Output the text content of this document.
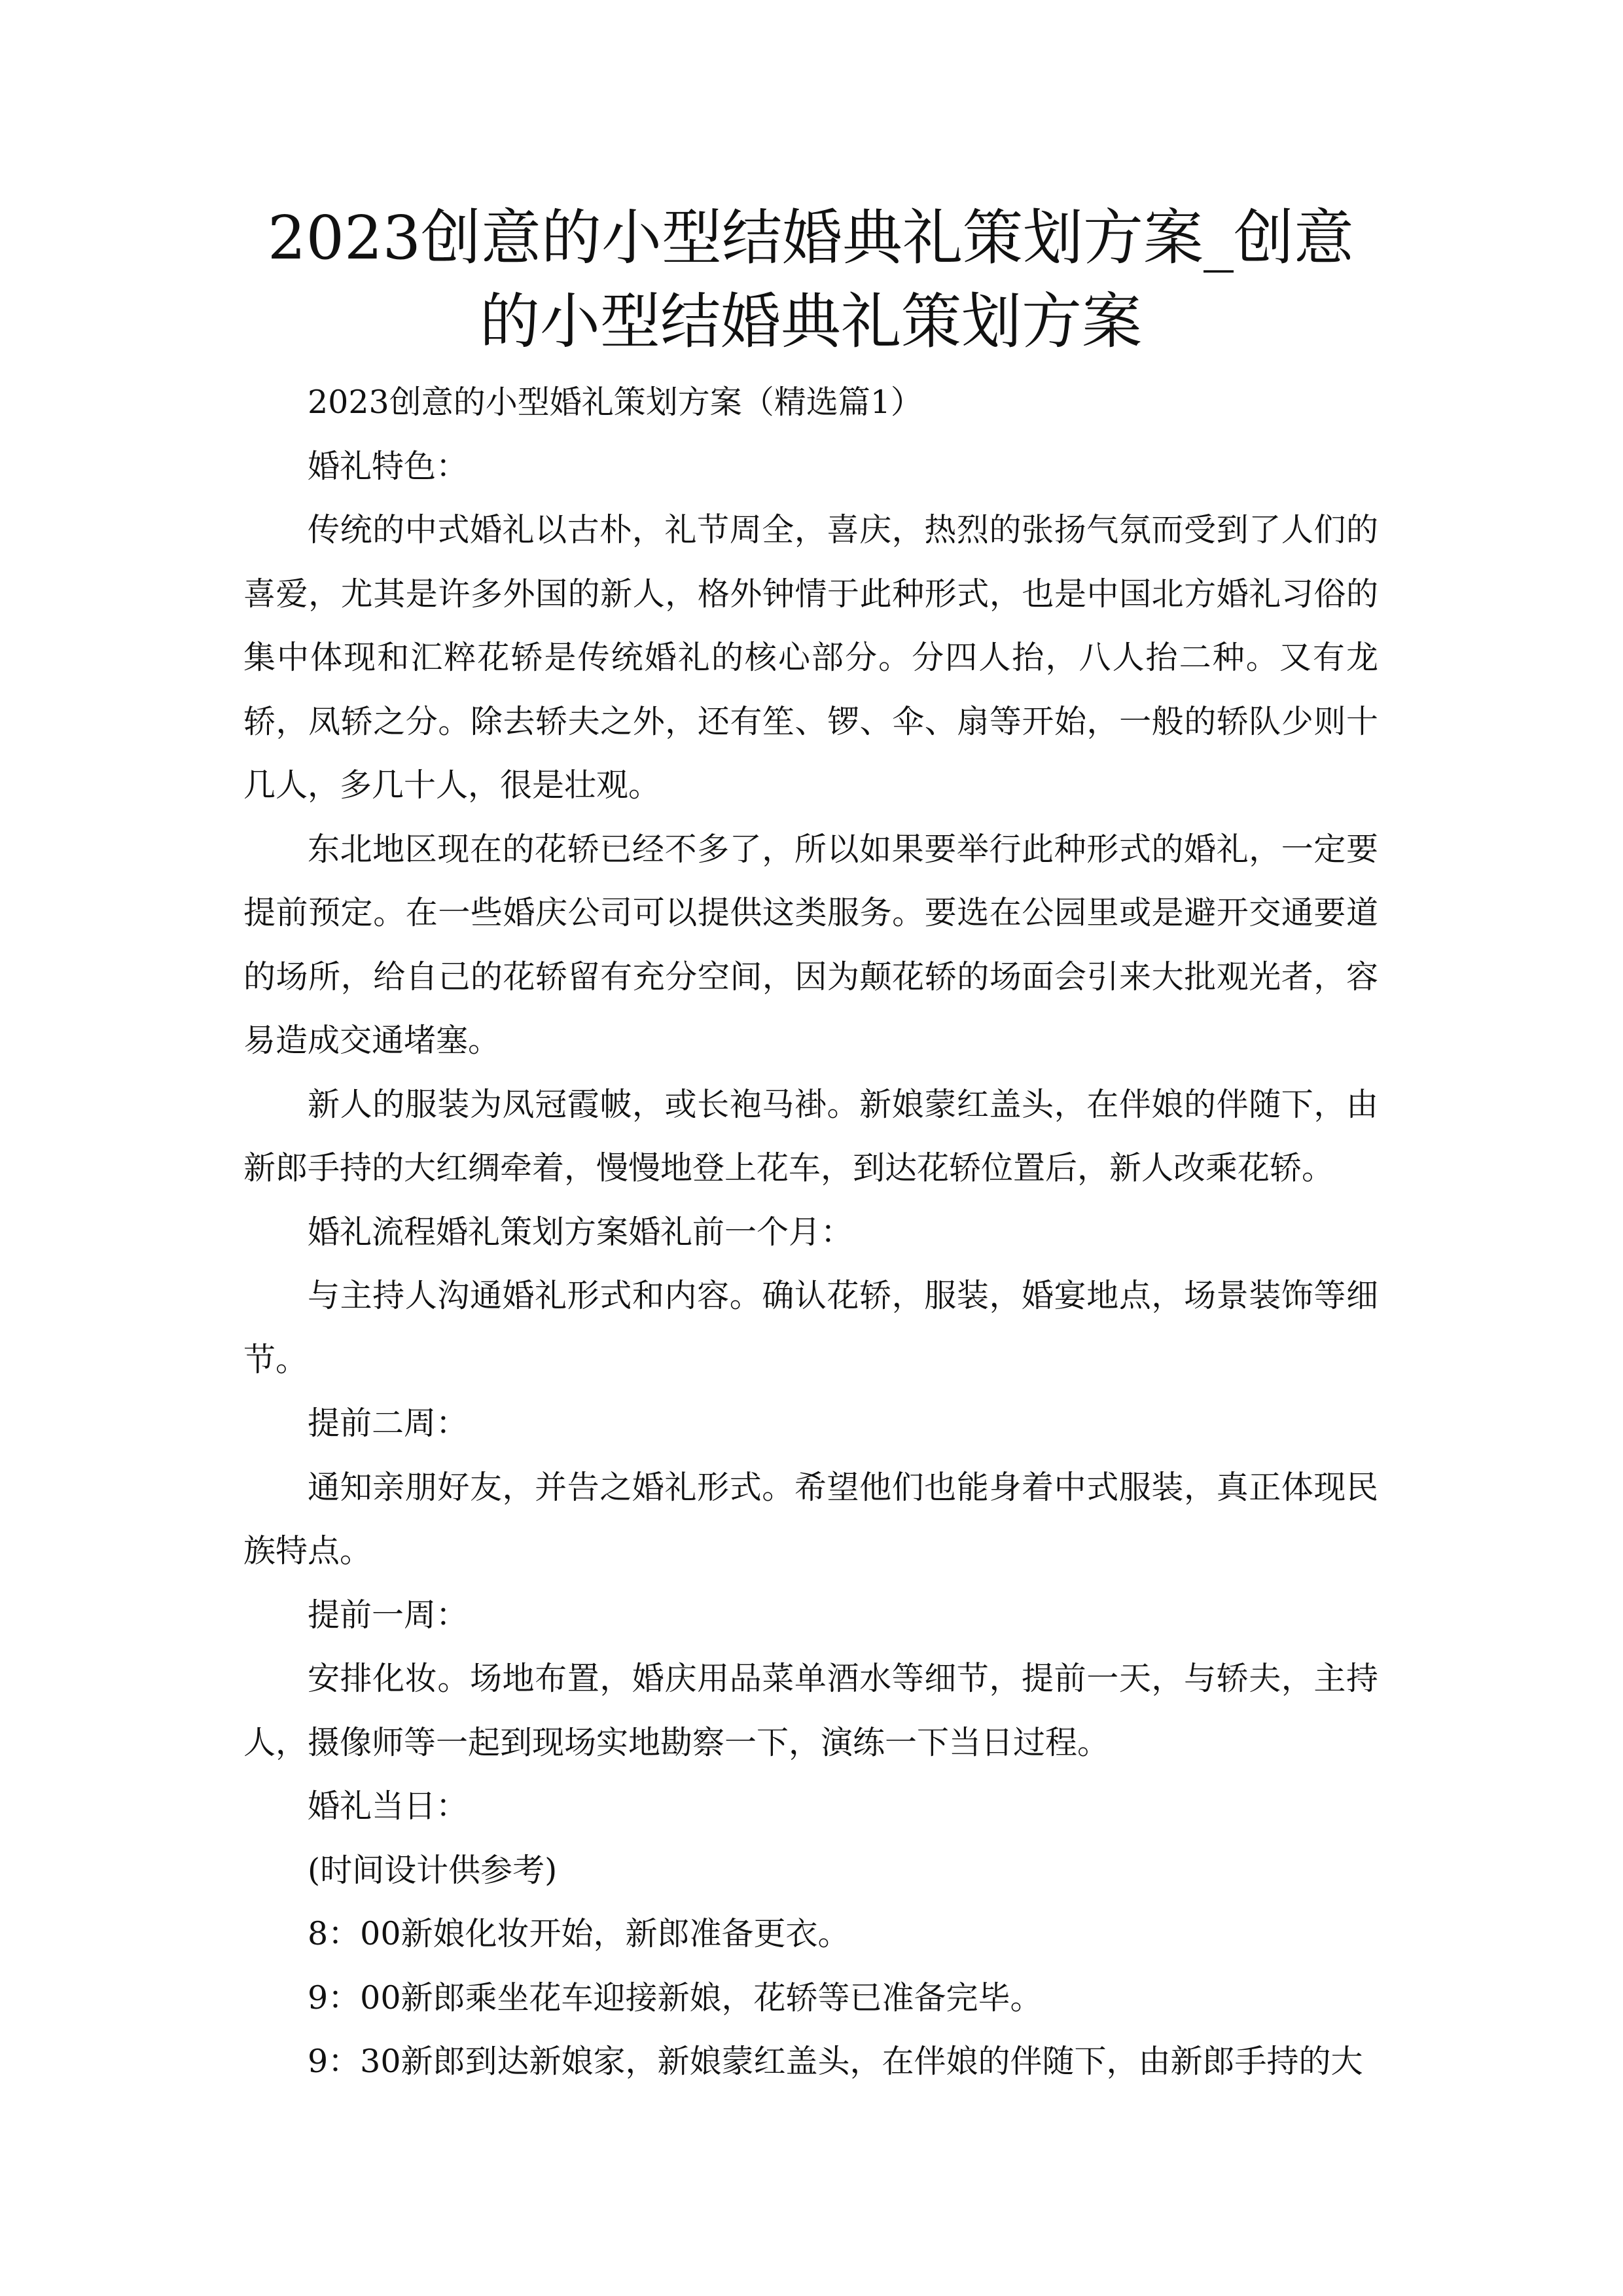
2023创意的小型结婚典礼策划方案_创意的小型结婚典礼策划方案

2023创意的小型婚礼策划方案（精选篇1）

婚礼特色：

传统的中式婚礼以古朴，礼节周全，喜庆，热烈的张扬气氛而受到了人们的喜爱，尤其是许多外国的新人，格外钟情于此种形式，也是中国北方婚礼习俗的集中体现和汇粹花轿是传统婚礼的核心部分。分四人抬，八人抬二种。又有龙轿，凤轿之分。除去轿夫之外，还有笙、锣、伞、扇等开始，一般的轿队少则十几人，多几十人，很是壮观。

东北地区现在的花轿已经不多了，所以如果要举行此种形式的婚礼，一定要提前预定。在一些婚庆公司可以提供这类服务。要选在公园里或是避开交通要道的场所，给自己的花轿留有充分空间，因为颠花轿的场面会引来大批观光者，容易造成交通堵塞。

新人的服装为凤冠霞帔，或长袍马褂。新娘蒙红盖头，在伴娘的伴随下，由新郎手持的大红绸牵着，慢慢地登上花车，到达花轿位置后，新人改乘花轿。

婚礼流程婚礼策划方案婚礼前一个月：

与主持人沟通婚礼形式和内容。确认花轿，服装，婚宴地点，场景装饰等细节。

提前二周：

通知亲朋好友，并告之婚礼形式。希望他们也能身着中式服装，真正体现民族特点。

提前一周：

安排化妆。场地布置，婚庆用品菜单酒水等细节，提前一天，与轿夫，主持人，摄像师等一起到现场实地勘察一下，演练一下当日过程。

婚礼当日：

(时间设计供参考)

8：00新娘化妆开始，新郎准备更衣。

9：00新郎乘坐花车迎接新娘，花轿等已准备完毕。

9：30新郎到达新娘家，新娘蒙红盖头，在伴娘的伴随下，由新郎手持的大
